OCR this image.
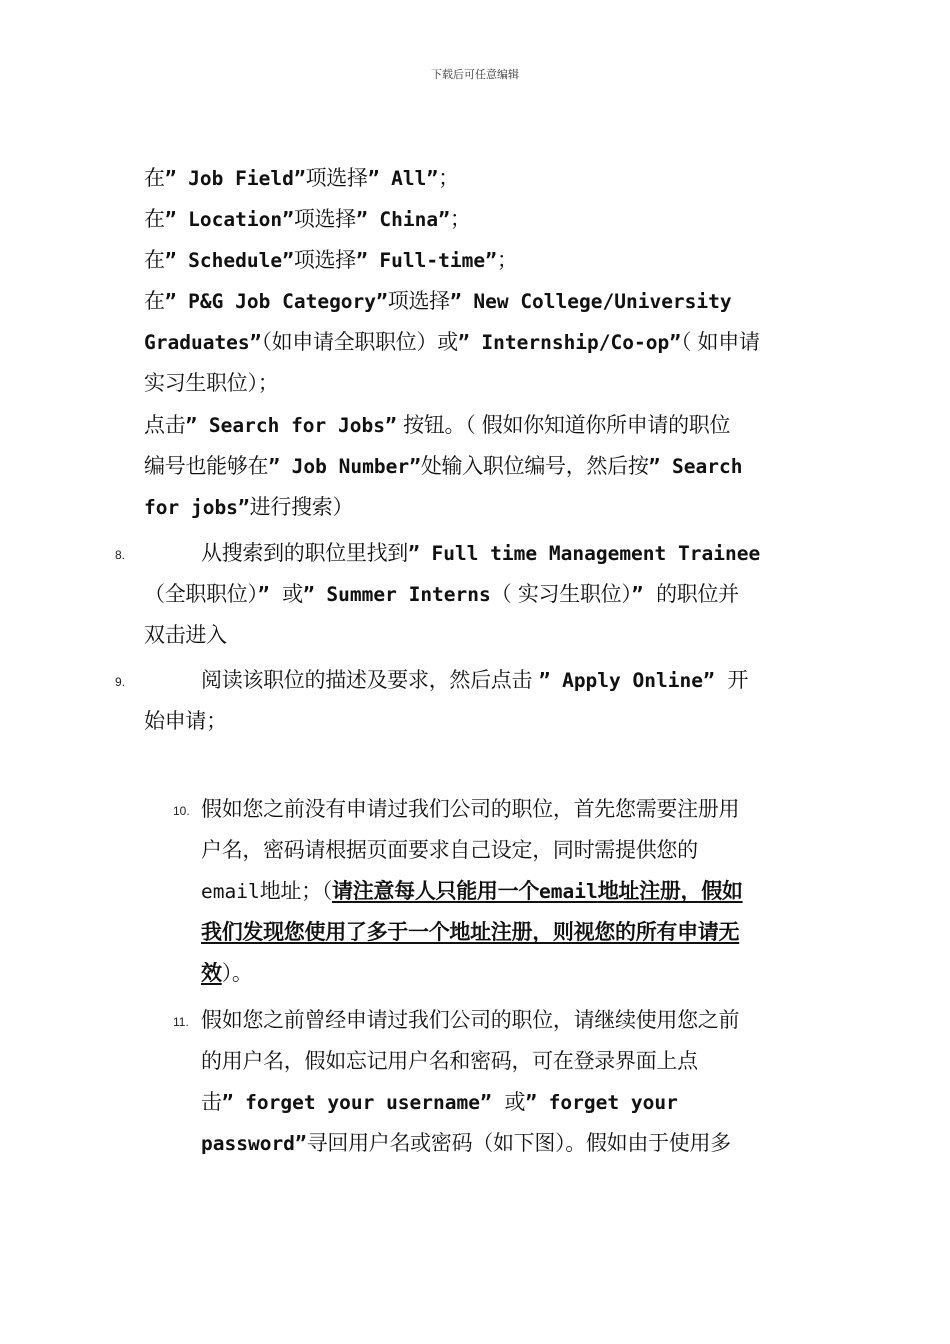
下载后可任意编辑
在” Job Field”项选择” All”；
在” Location”项选择” China”；
在” Schedule”项选择” Full-time”；
在” P&G Job Category”项选择” New College/University
Graduates”（如申请全职职位）或” Internship/Co-op”（ 如申请
实习生职位）；
点击” Search for Jobs” 按钮。（ 假如你知道你所申请的职位
编号也能够在” Job Number”处输入职位编号，然后按” Search
for jobs”进行搜索）
8.	从搜索到的职位里找到” Full time Management Trainee
（全职职位）” 或” Summer Interns（ 实习生职位）” 的职位并
双击进入
9.	阅读该职位的描述及要求，然后点击 ” Apply Online” 开
始申请；
10. 假如您之前没有申请过我们公司的职位，首先您需要注册用
户名，密码请根据页面要求自己设定，同时需提供您的
email地址；（请注意每人只能用一个email地址注册，假如
我们发现您使用了多于一个地址注册，则视您的所有申请无
效）。
11. 假如您之前曾经申请过我们公司的职位，请继续使用您之前
的用户名，假如忘记用户名和密码，可在登录界面上点
击” forget your username” 或” forget your
password”寻回用户名或密码（如下图）。假如由于使用多
